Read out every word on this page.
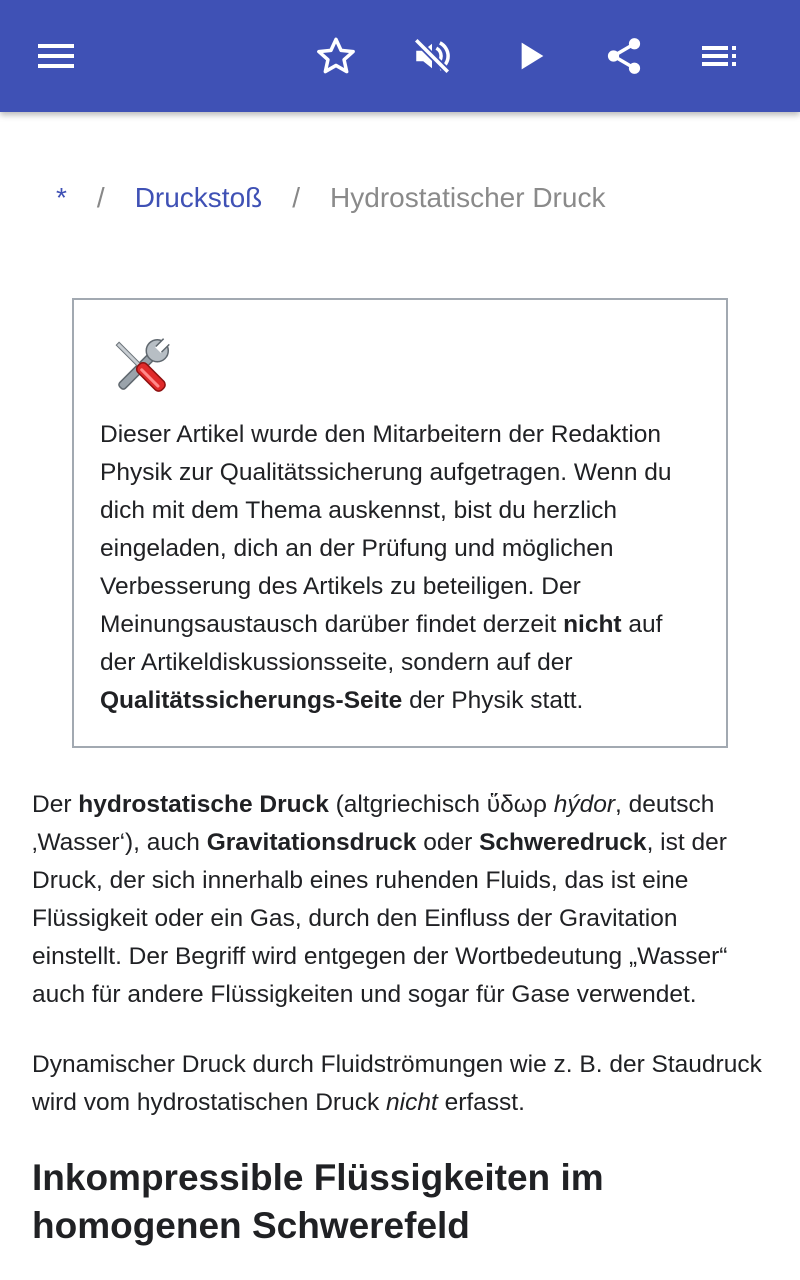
* / Druckstoß / Hydrostatischer Druck

Dieser Artikel wurde den Mitarbeitern der Redaktion Physik zur Qualitätssicherung aufgetragen. Wenn du dich mit dem Thema auskennst, bist du herzlich eingeladen, dich an der Prüfung und möglichen Verbesserung des Artikels zu beteiligen. Der Meinungsaustausch darüber findet derzeit nicht auf der Artikeldiskussionsseite, sondern auf der Qualitätssicherungs-Seite der Physik statt.

Der hydrostatische Druck (altgriechisch ὕδωρ hýdor, deutsch ‚Wasser‘), auch Gravitationsdruck oder Schweredruck, ist der Druck, der sich innerhalb eines ruhenden Fluids, das ist eine Flüssigkeit oder ein Gas, durch den Einfluss der Gravitation einstellt. Der Begriff wird entgegen der Wortbedeutung „Wasser“ auch für andere Flüssigkeiten und sogar für Gase verwendet.

Dynamischer Druck durch Fluidströmungen wie z. B. der Staudruck wird vom hydrostatischen Druck nicht erfasst.

Inkompressible Flüssigkeiten im homogenen Schwerefeld
